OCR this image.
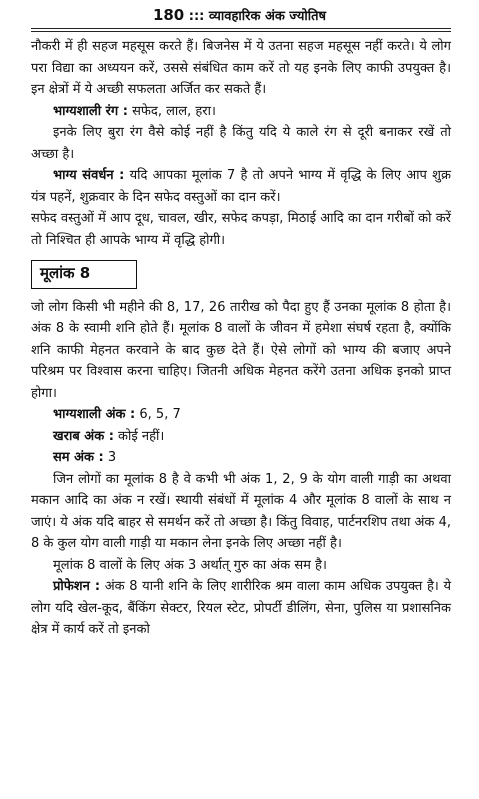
180 ::: व्यावहारिक अंक ज्योतिष

नौकरी में ही सहज महसूस करते हैं। बिजनेस में ये उतना सहज महसूस नहीं करते। ये लोग परा विद्या का अध्ययन करें, उससे संबंधित काम करें तो यह इनके लिए काफी उपयुक्त है। इन क्षेत्रों में ये अच्छी सफलता अर्जित कर सकते हैं।

भाग्यशाली रंग : सफेद, लाल, हरा।

इनके लिए बुरा रंग वैसे कोई नहीं है किंतु यदि ये काले रंग से दूरी बनाकर रखें तो अच्छा है।

भाग्य संवर्धन : यदि आपका मूलांक 7 है तो अपने भाग्य में वृद्धि के लिए आप शुक्र यंत्र पहनें, शुक्रवार के दिन सफेद वस्तुओं का दान करें।

सफेद वस्तुओं में आप दूध, चावल, खीर, सफेद कपड़ा, मिठाई आदि का दान गरीबों को करें तो निश्चित ही आपके भाग्य में वृद्धि होगी।

मूलांक 8

जो लोग किसी भी महीने की 8, 17, 26 तारीख को पैदा हुए हैं उनका मूलांक 8 होता है। अंक 8 के स्वामी शनि होते हैं। मूलांक 8 वालों के जीवन में हमेशा संघर्ष रहता है, क्योंकि शनि काफी मेहनत करवाने के बाद कुछ देते हैं। ऐसे लोगों को भाग्य की बजाए अपने परिश्रम पर विश्वास करना चाहिए। जितनी अधिक मेहनत करेंगे उतना अधिक इनको प्राप्त होगा।

भाग्यशाली अंक : 6, 5, 7

खराब अंक : कोई नहीं।

सम अंक : 3

जिन लोगों का मूलांक 8 है वे कभी भी अंक 1, 2, 9 के योग वाली गाड़ी का अथवा मकान आदि का अंक न रखें। स्थायी संबंधों में मूलांक 4 और मूलांक 8 वालों के साथ न जाएं। ये अंक यदि बाहर से समर्थन करें तो अच्छा है। किंतु विवाह, पार्टनरशिप तथा अंक 4, 8 के कुल योग वाली गाड़ी या मकान लेना इनके लिए अच्छा नहीं है।

मूलांक 8 वालों के लिए अंक 3 अर्थात् गुरु का अंक सम है।

प्रोफेशन : अंक 8 यानी शनि के लिए शारीरिक श्रम वाला काम अधिक उपयुक्त है। ये लोग यदि खेल-कूद, बैंकिंग सेक्टर, रियल स्टेट, प्रोपर्टी डीलिंग, सेना, पुलिस या प्रशासनिक क्षेत्र में कार्य करें तो इनको
